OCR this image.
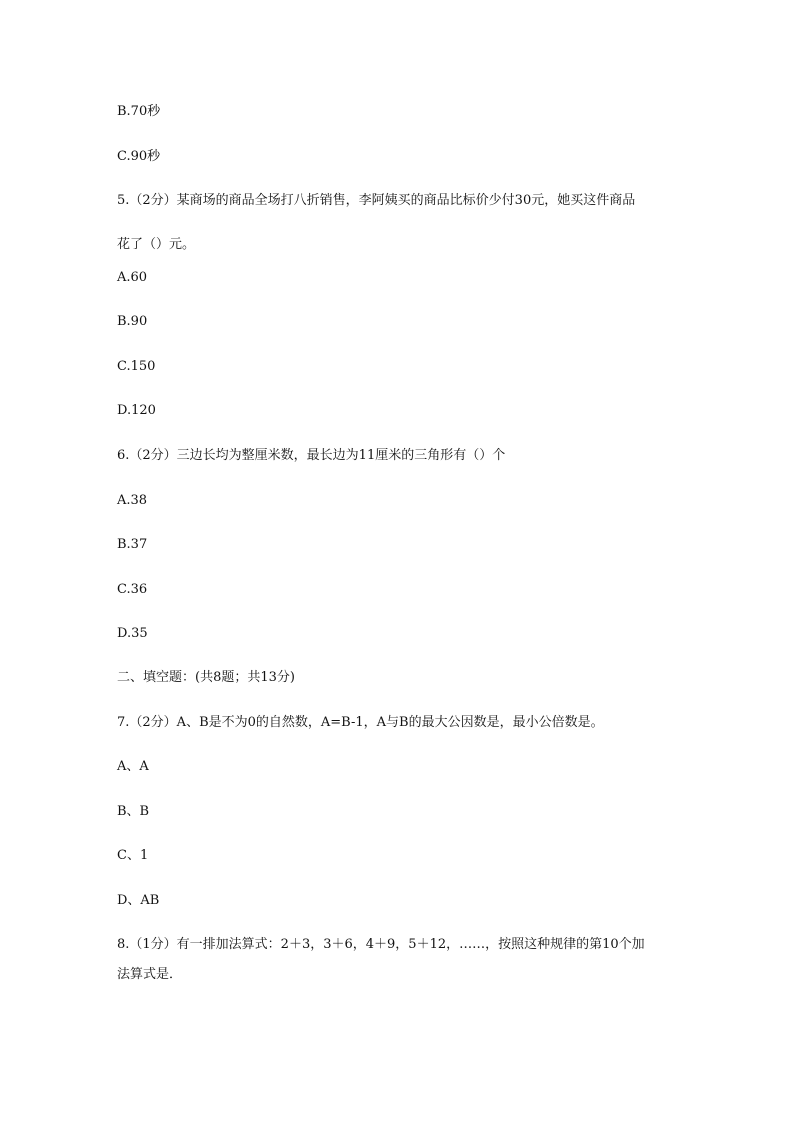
B.70秒
C.90秒
5.（2分）某商场的商品全场打八折销售，李阿姨买的商品比标价少付30元，她买这件商品
花了（）元。
A.60
B.90
C.150
D.120
6.（2分）三边长均为整厘米数，最长边为11厘米的三角形有（）个
A.38
B.37
C.36
D.35
二、填空题：(共8题；共13分)
7.（2分）A、B是不为0的自然数，A=B-1，A与B的最大公因数是，最小公倍数是。
A、A
B、B
C、1
D、AB
8.（1分）有一排加法算式：2＋3，3＋6，4＋9，5＋12，……，按照这种规律的第10个加
法算式是．
